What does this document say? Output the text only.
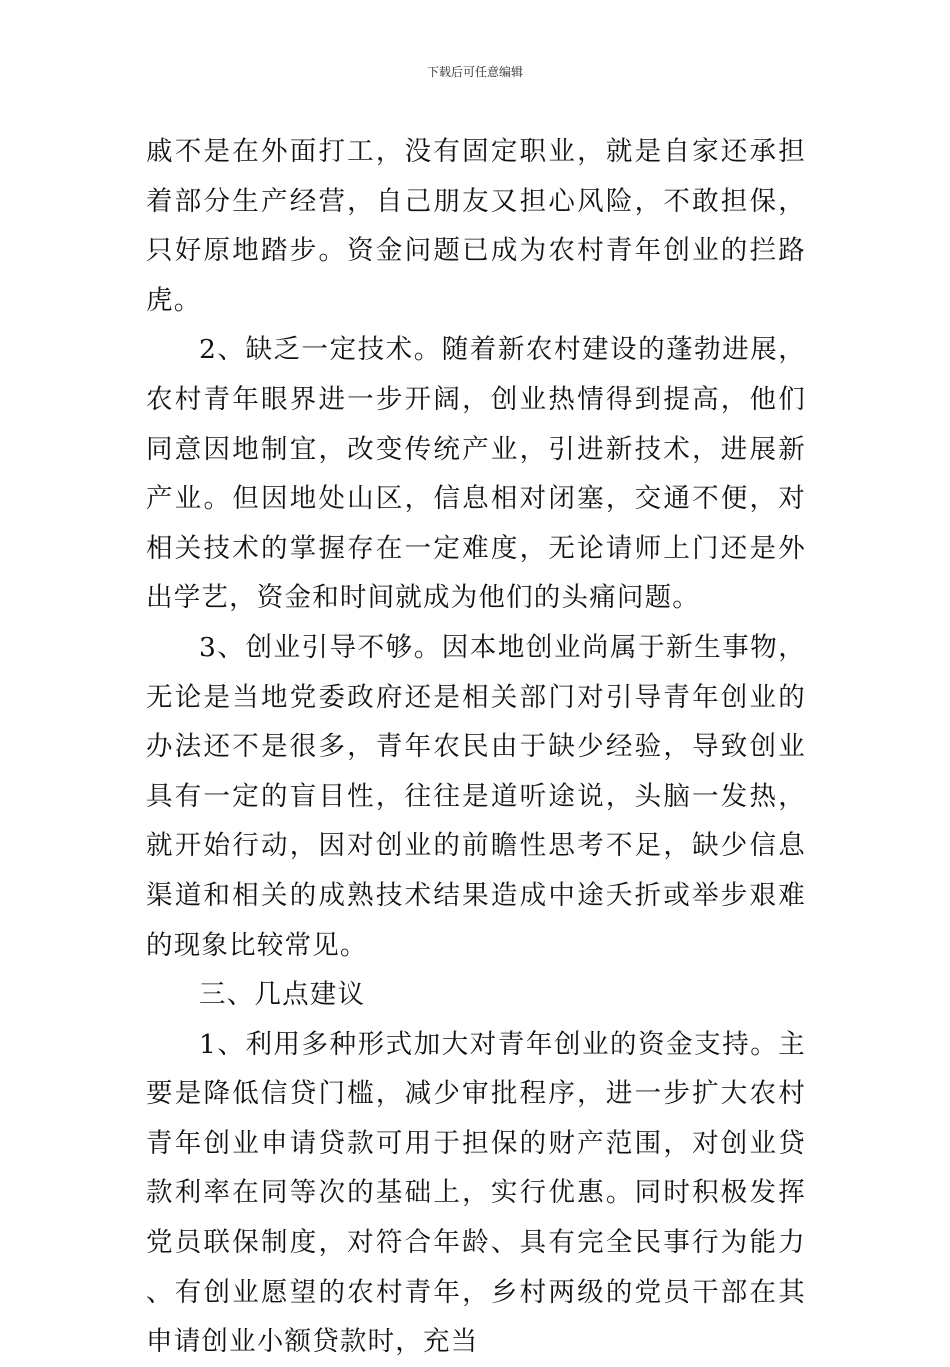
下载后可任意编辑

戚不是在外面打工，没有固定职业，就是自家还承担着部分生产经营，自己朋友又担心风险，不敢担保，只好原地踏步。资金问题已成为农村青年创业的拦路虎。

2、缺乏一定技术。随着新农村建设的蓬勃进展，农村青年眼界进一步开阔，创业热情得到提高，他们同意因地制宜，改变传统产业，引进新技术，进展新产业。但因地处山区，信息相对闭塞，交通不便，对相关技术的掌握存在一定难度，无论请师上门还是外出学艺，资金和时间就成为他们的头痛问题。

3、创业引导不够。因本地创业尚属于新生事物，无论是当地党委政府还是相关部门对引导青年创业的办法还不是很多，青年农民由于缺少经验，导致创业具有一定的盲目性，往往是道听途说，头脑一发热，就开始行动，因对创业的前瞻性思考不足，缺少信息渠道和相关的成熟技术结果造成中途夭折或举步艰难的现象比较常见。

三、几点建议

1、利用多种形式加大对青年创业的资金支持。主要是降低信贷门槛，减少审批程序，进一步扩大农村青年创业申请贷款可用于担保的财产范围，对创业贷款利率在同等次的基础上，实行优惠。同时积极发挥党员联保制度，对符合年龄、具有完全民事行为能力、有创业愿望的农村青年，乡村两级的党员干部在其申请创业小额贷款时，充当
